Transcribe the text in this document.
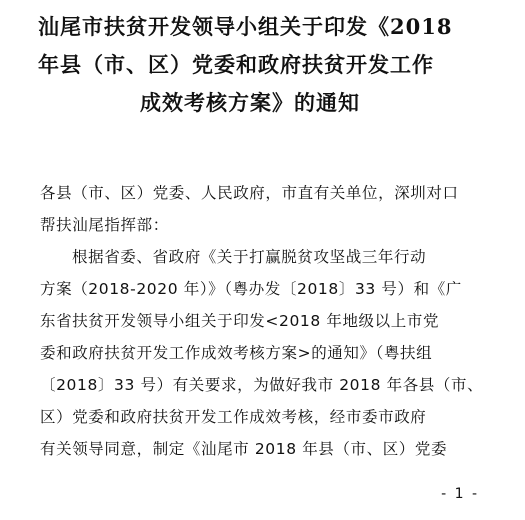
汕尾市扶贫开发领导小组关于印发《2018
年县（市、区）党委和政府扶贫开发工作
成效考核方案》的通知
各县（市、区）党委、人民政府，市直有关单位，深圳对口
帮扶汕尾指挥部：
根据省委、省政府《关于打赢脱贫攻坚战三年行动
方案（2018-2020 年）》（粤办发〔2018〕33 号）和《广
东省扶贫开发领导小组关于印发<2018 年地级以上市党
委和政府扶贫开发工作成效考核方案>的通知》（粤扶组
〔2018〕33 号）有关要求，为做好我市 2018 年各县（市、
区）党委和政府扶贫开发工作成效考核，经市委市政府
有关领导同意，制定《汕尾市 2018 年县（市、区）党委
- 1 -
